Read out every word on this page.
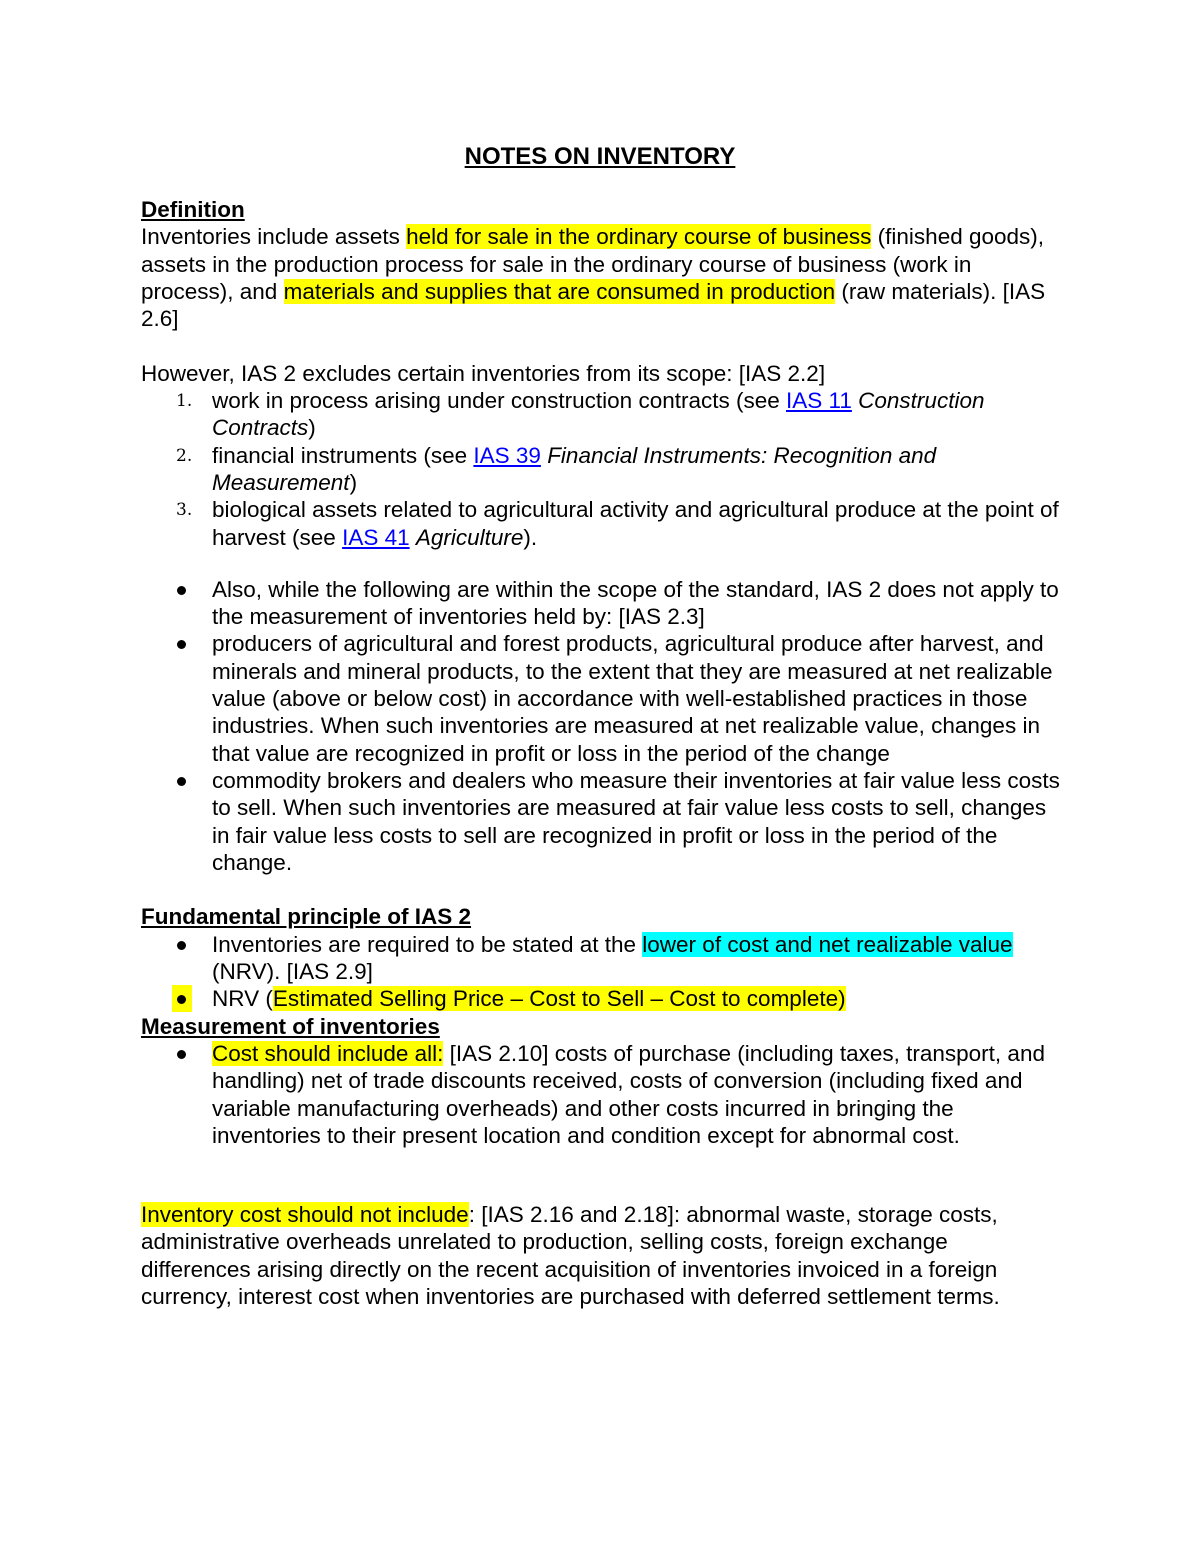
NOTES ON INVENTORY

Definition

Inventories include assets held for sale in the ordinary course of business (finished goods), assets in the production process for sale in the ordinary course of business (work in process), and materials and supplies that are consumed in production (raw materials). [IAS 2.6]

However, IAS 2 excludes certain inventories from its scope: [IAS 2.2]

1. work in process arising under construction contracts (see IAS 11 Construction Contracts)
2. financial instruments (see IAS 39 Financial Instruments: Recognition and Measurement)
3. biological assets related to agricultural activity and agricultural produce at the point of harvest (see IAS 41 Agriculture).
Also, while the following are within the scope of the standard, IAS 2 does not apply to the measurement of inventories held by: [IAS 2.3]
producers of agricultural and forest products, agricultural produce after harvest, and minerals and mineral products, to the extent that they are measured at net realizable value (above or below cost) in accordance with well-established practices in those industries. When such inventories are measured at net realizable value, changes in that value are recognized in profit or loss in the period of the change
commodity brokers and dealers who measure their inventories at fair value less costs to sell. When such inventories are measured at fair value less costs to sell, changes in fair value less costs to sell are recognized in profit or loss in the period of the change.

Fundamental principle of IAS 2

Inventories are required to be stated at the lower of cost and net realizable value (NRV). [IAS 2.9]
NRV (Estimated Selling Price – Cost to Sell – Cost to complete)

Measurement of inventories

Cost should include all: [IAS 2.10] costs of purchase (including taxes, transport, and handling) net of trade discounts received, costs of conversion (including fixed and variable manufacturing overheads) and other costs incurred in bringing the inventories to their present location and condition except for abnormal cost.

Inventory cost should not include: [IAS 2.16 and 2.18]: abnormal waste, storage costs, administrative overheads unrelated to production, selling costs, foreign exchange differences arising directly on the recent acquisition of inventories invoiced in a foreign currency, interest cost when inventories are purchased with deferred settlement terms.
